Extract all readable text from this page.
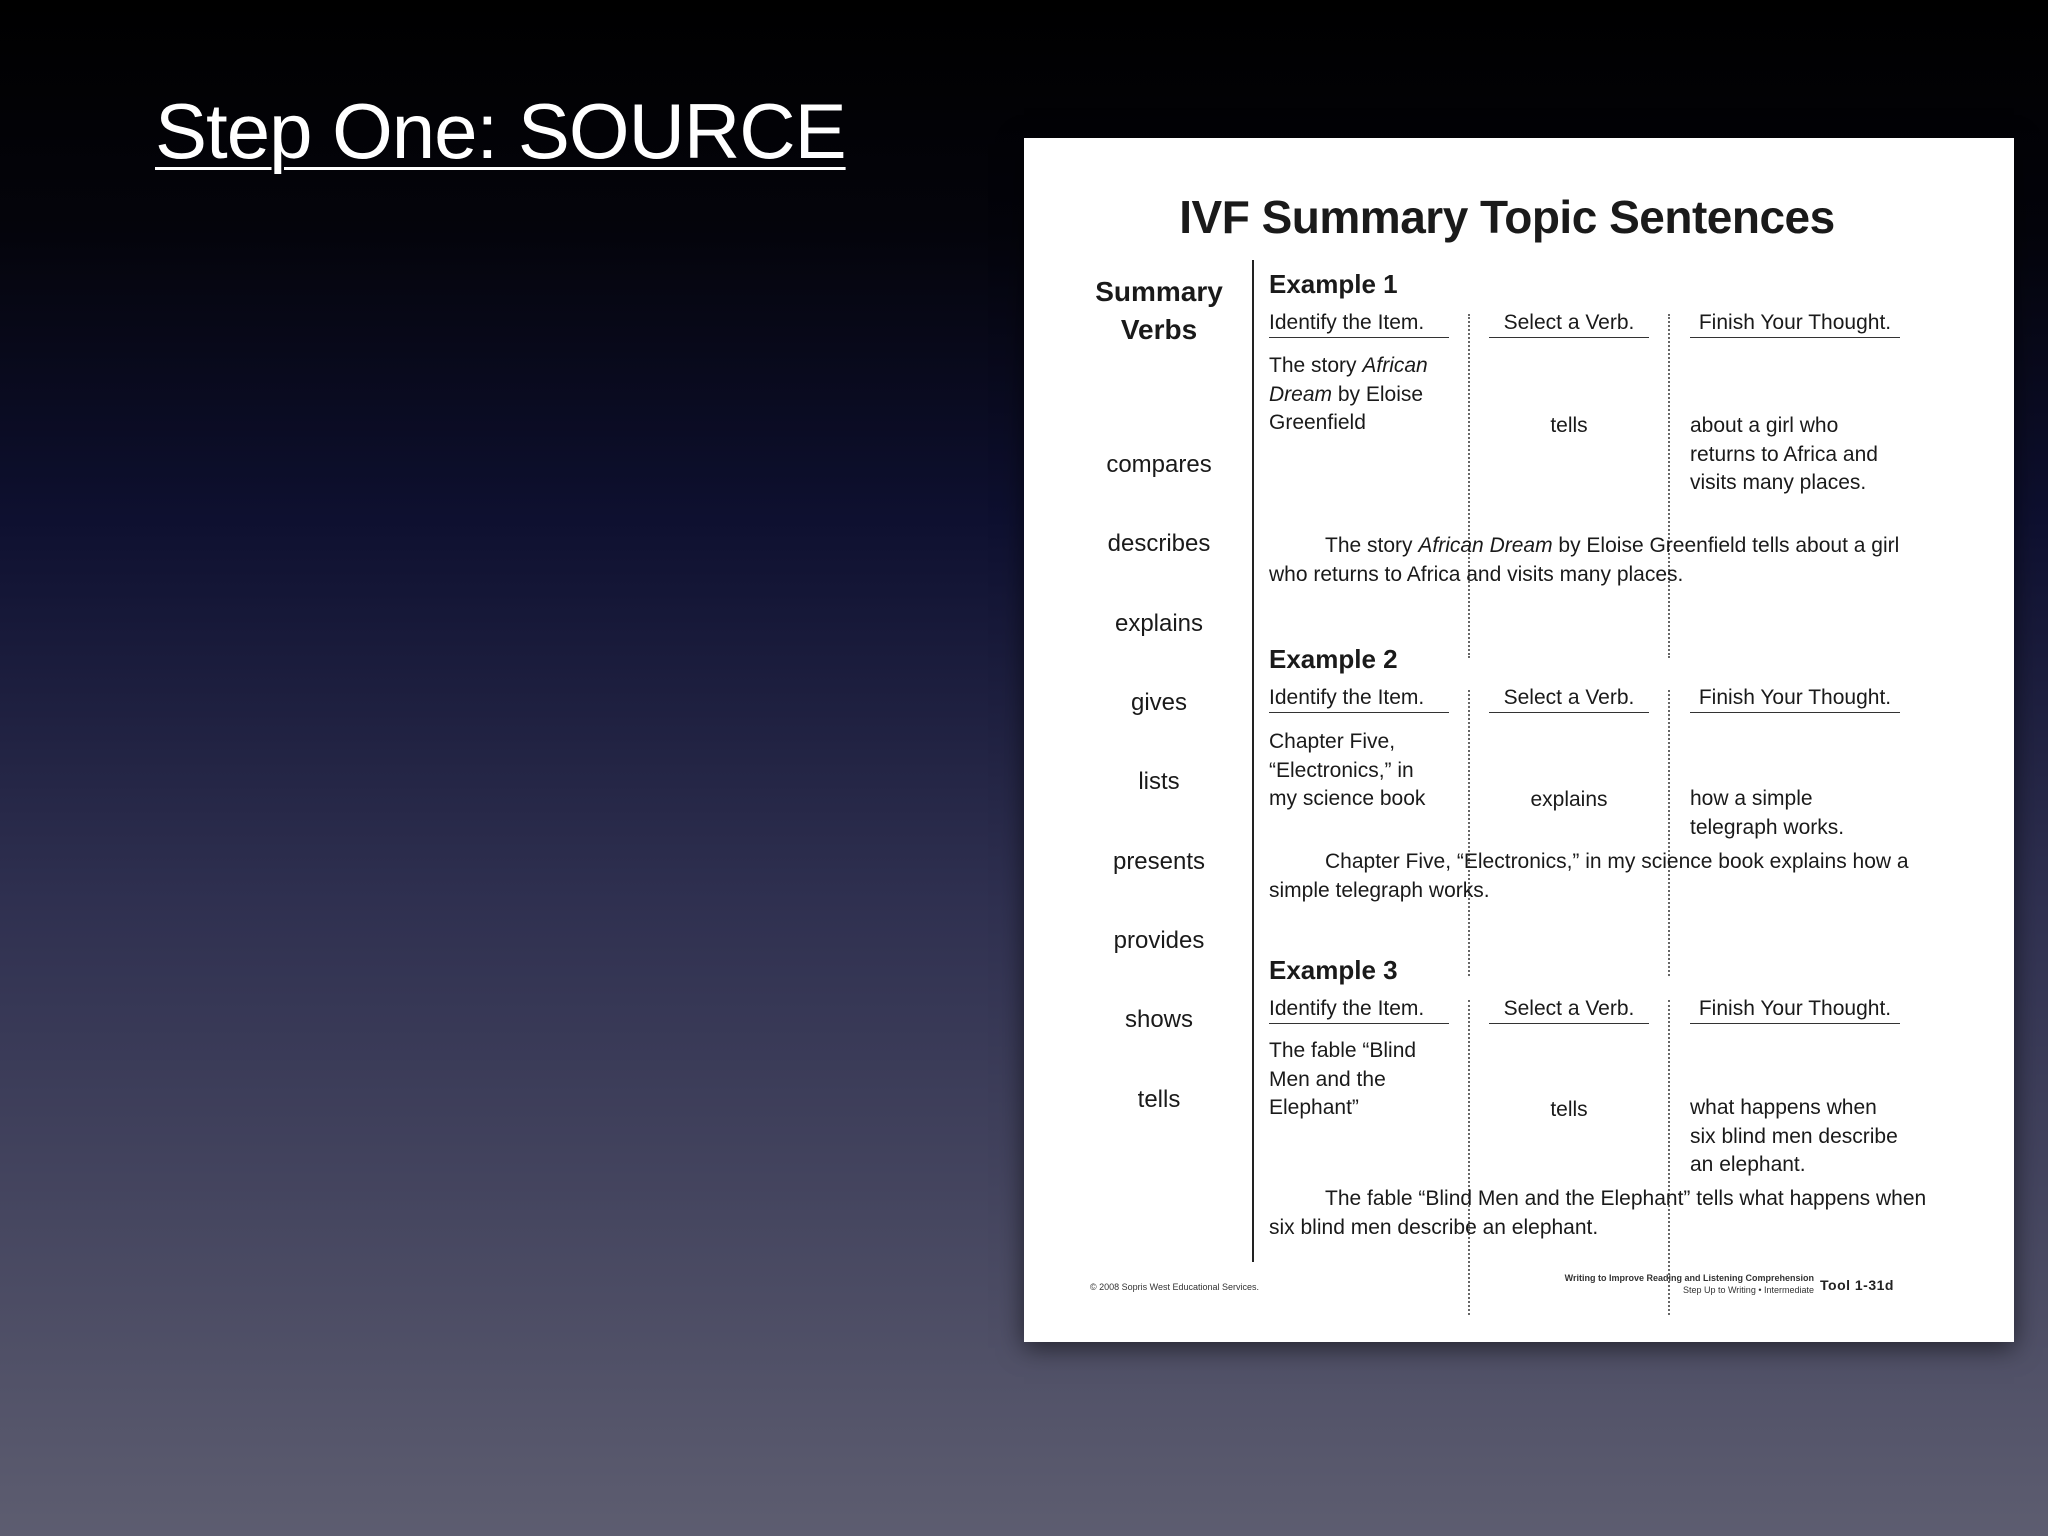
Step One: SOURCE
IVF Summary Topic Sentences
Summary
Verbs
compares
describes
explains
gives
lists
presents
provides
shows
tells
Example 1
Identify the Item.	Select a Verb.	Finish Your Thought.
The story African Dream by Eloise Greenfield	tells	about a girl who returns to Africa and visits many places.
The story African Dream by Eloise Greenfield tells about a girl who returns to Africa and visits many places.
Example 2
Identify the Item.	Select a Verb.	Finish Your Thought.
Chapter Five, “Electronics,” in my science book	explains	how a simple telegraph works.
Chapter Five, “Electronics,” in my science book explains how a simple telegraph works.
Example 3
Identify the Item.	Select a Verb.	Finish Your Thought.
The fable “Blind Men and the Elephant”	tells	what happens when six blind men describe an elephant.
The fable “Blind Men and the Elephant” tells what happens when six blind men describe an elephant.
© 2008 Sopris West Educational Services.
Writing to Improve Reading and Listening Comprehension
Step Up to Writing • Intermediate Tool 1-31d
